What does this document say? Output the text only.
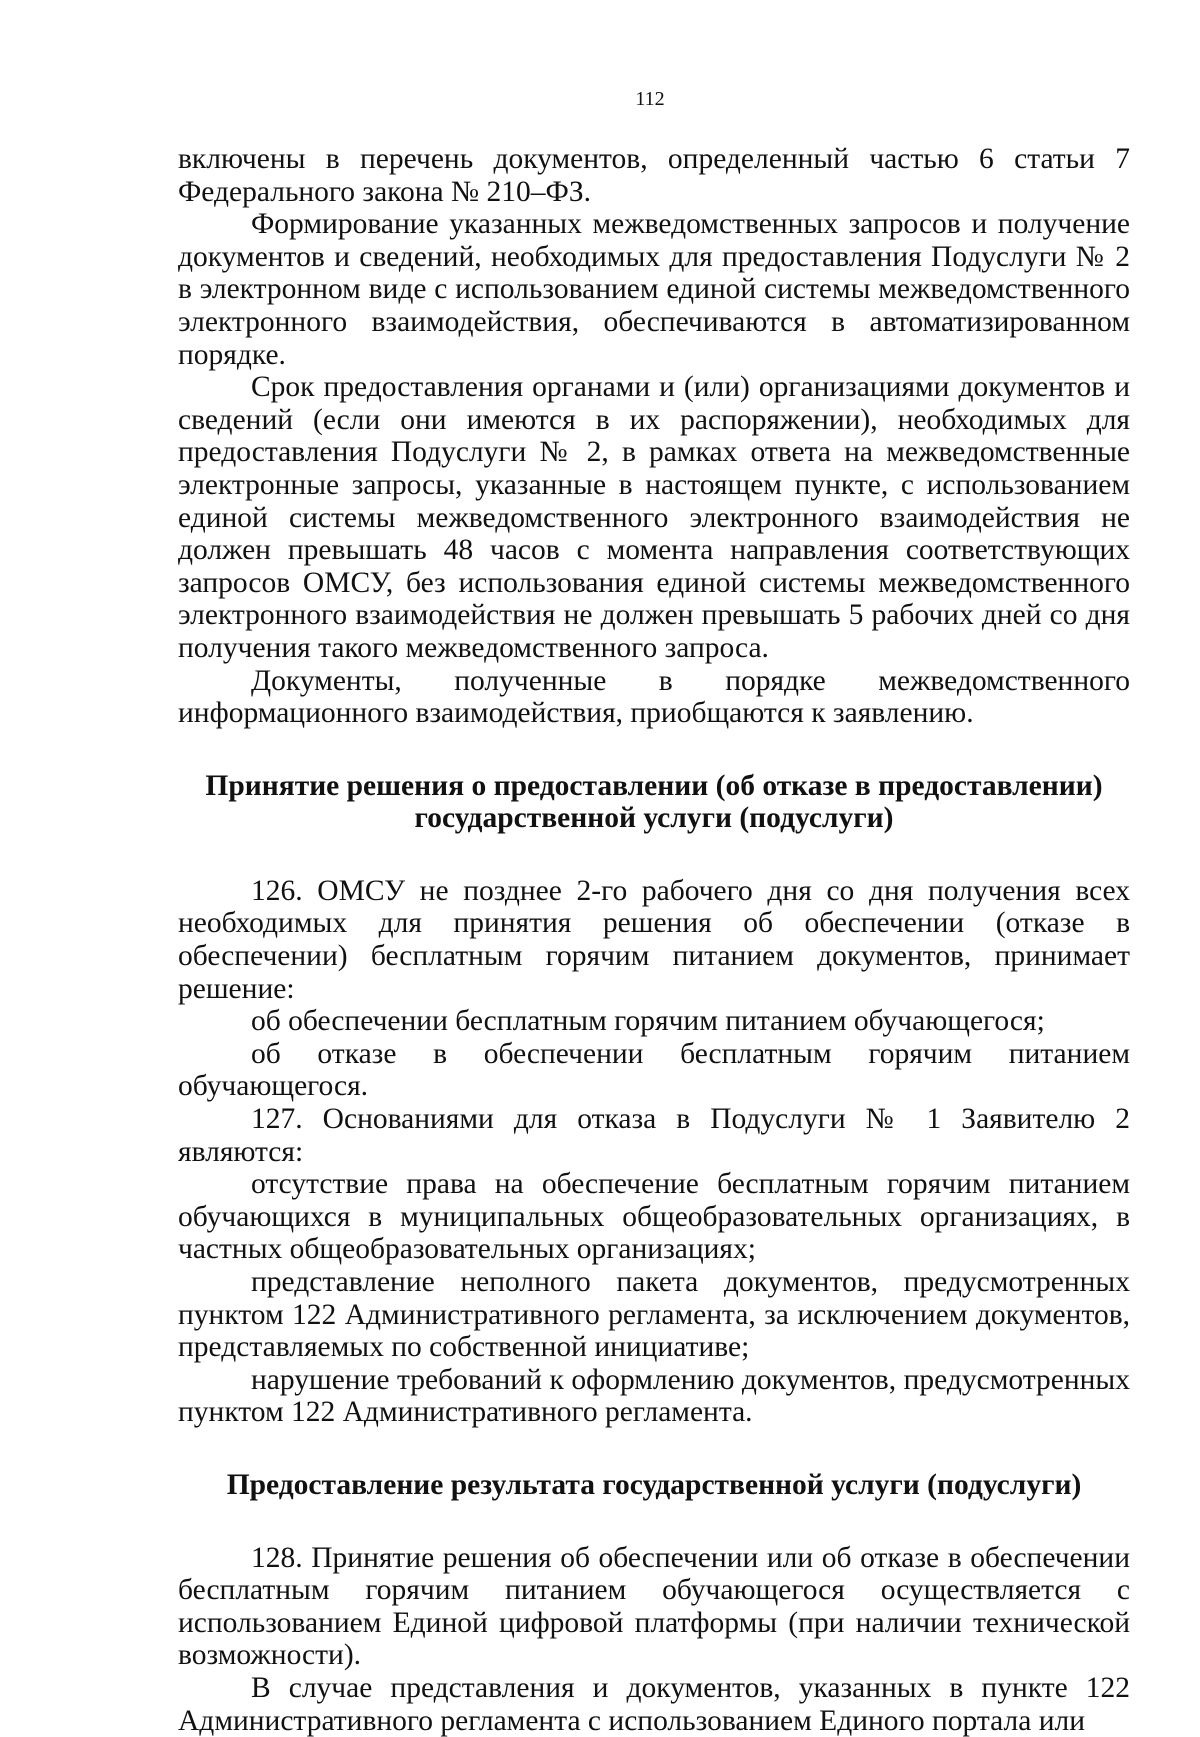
112

включены в перечень документов, определенный частью 6 статьи 7 Федерального закона № 210–ФЗ.

Формирование указанных межведомственных запросов и получение документов и сведений, необходимых для предоставления Подуслуги № 2 в электронном виде с использованием единой системы межведомственного электронного взаимодействия, обеспечиваются в автоматизированном порядке.

Срок предоставления органами и (или) организациями документов и сведений (если они имеются в их распоряжении), необходимых для предоставления Подуслуги № 2, в рамках ответа на межведомственные электронные запросы, указанные в настоящем пункте, с использованием единой системы межведомственного электронного взаимодействия не должен превышать 48 часов с момента направления соответствующих запросов ОМСУ, без использования единой системы межведомственного электронного взаимодействия не должен превышать 5 рабочих дней со дня получения такого межведомственного запроса.

Документы, полученные в порядке межведомственного информационного взаимодействия, приобщаются к заявлению.

Принятие решения о предоставлении (об отказе в предоставлении) государственной услуги (подуслуги)

126. ОМСУ не позднее 2-го рабочего дня со дня получения всех необходимых для принятия решения об обеспечении (отказе в обеспечении) бесплатным горячим питанием документов, принимает решение:

об обеспечении бесплатным горячим питанием обучающегося;

об отказе в обеспечении бесплатным горячим питанием обучающегося.

127. Основаниями для отказа в Подуслуги № 1 Заявителю 2 являются:

отсутствие права на обеспечение бесплатным горячим питанием обучающихся в муниципальных общеобразовательных организациях, в частных общеобразовательных организациях;

представление неполного пакета документов, предусмотренных пунктом 122 Административного регламента, за исключением документов, представляемых по собственной инициативе;

нарушение требований к оформлению документов, предусмотренных пунктом 122 Административного регламента.

Предоставление результата государственной услуги (подуслуги)

128. Принятие решения об обеспечении или об отказе в обеспечении бесплатным горячим питанием обучающегося осуществляется с использованием Единой цифровой платформы (при наличии технической возможности).

В случае представления и документов, указанных в пункте 122 Административного регламента с использованием Единого портала или
